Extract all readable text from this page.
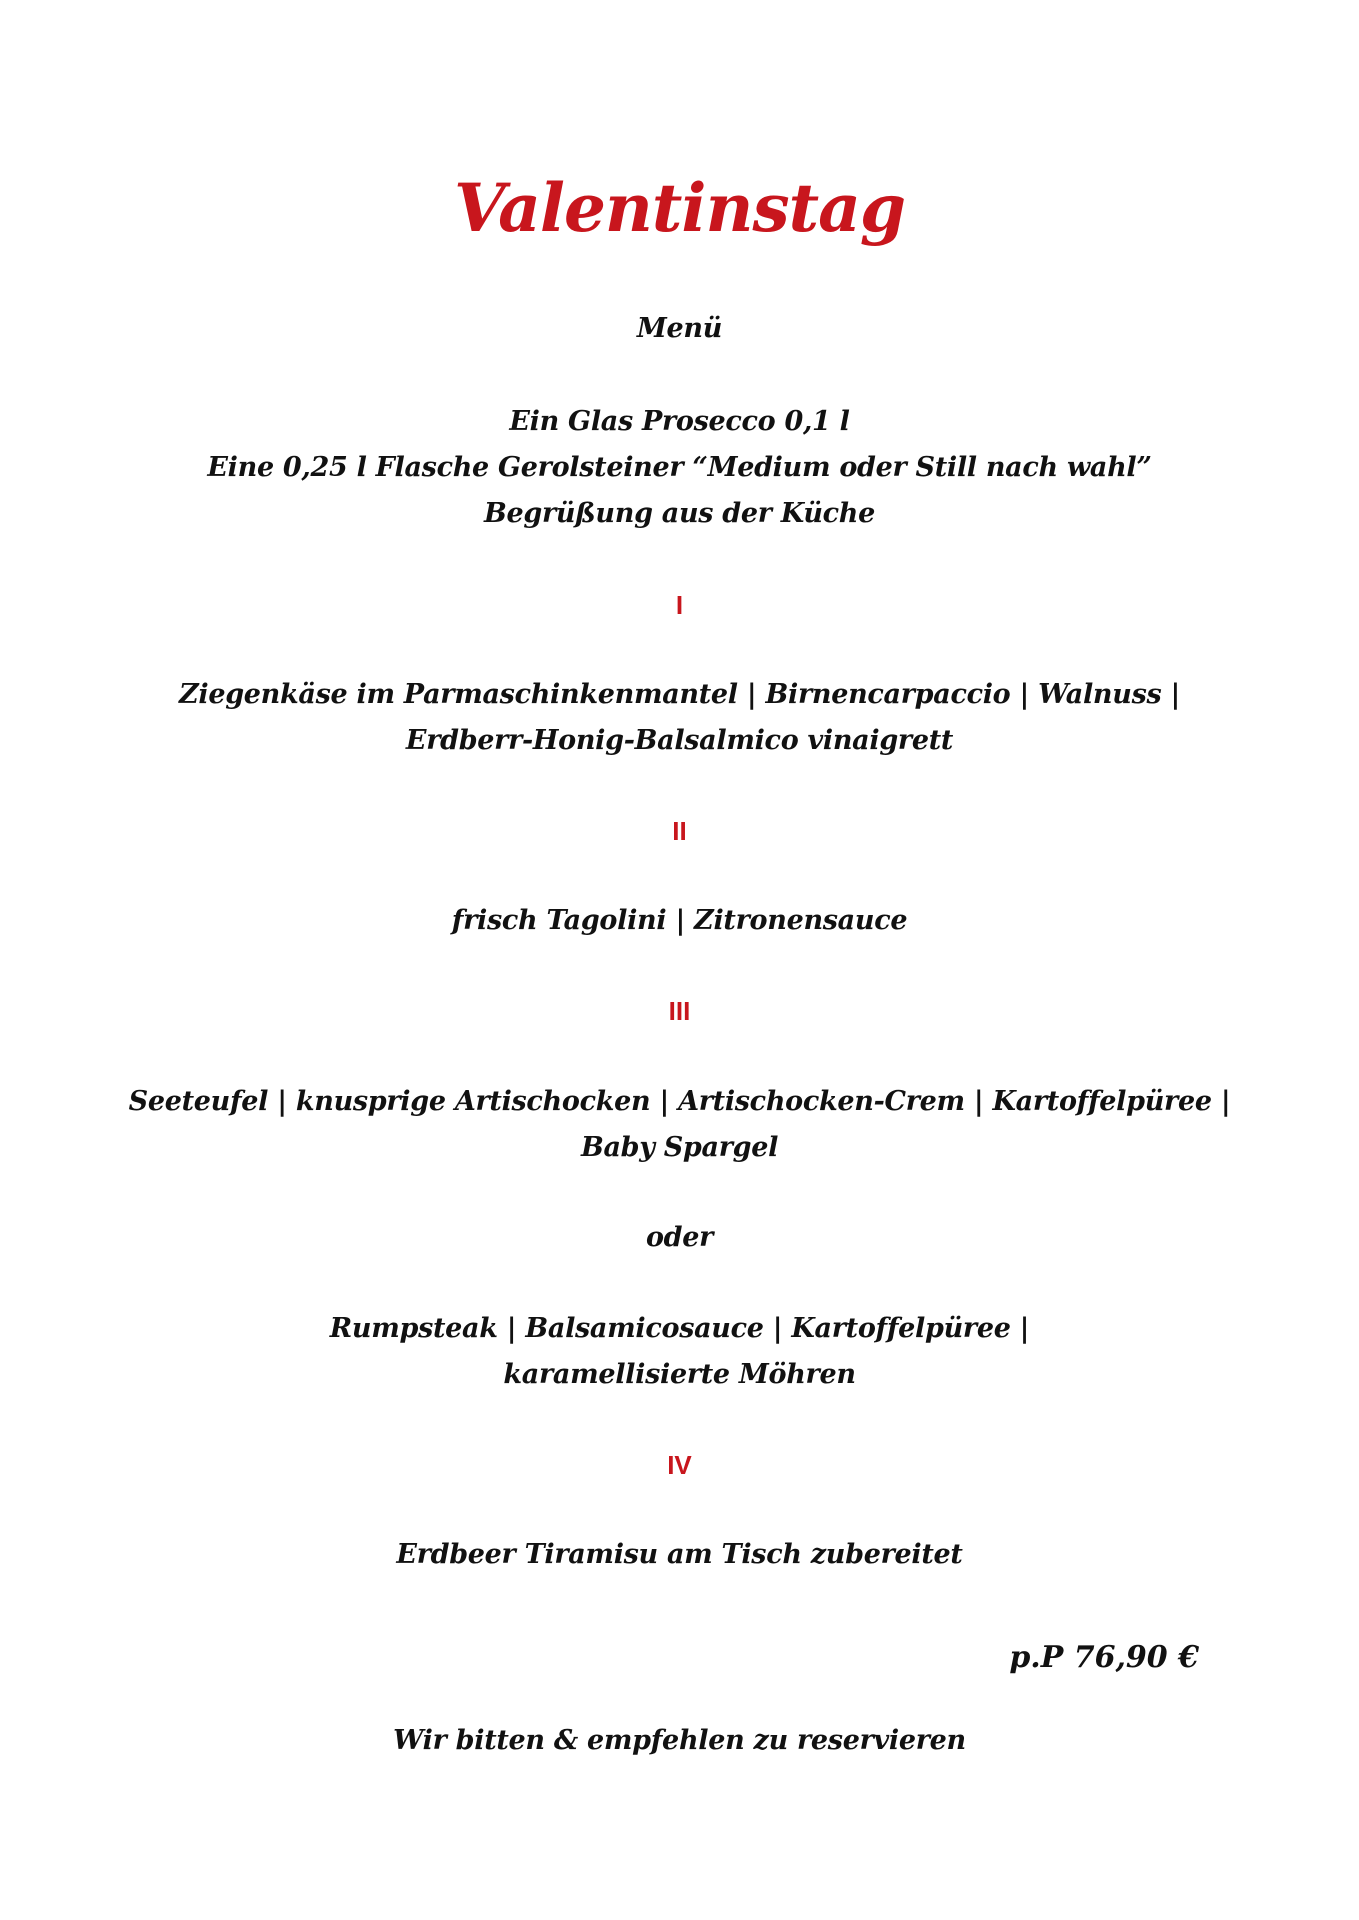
Valentinstag
Menü
Ein Glas Prosecco 0,1 l
Eine 0,25 l Flasche Gerolsteiner “Medium oder Still nach wahl”
Begrüßung aus der Küche
I
Ziegenkäse im Parmaschinkenmantel | Birnencarpaccio | Walnuss |
Erdberr-Honig-Balsalmico vinaigrett
II
frisch Tagolini | Zitronensauce
III
Seeteufel | knusprige Artischocken | Artischocken-Crem | Kartoffelpüree |
Baby Spargel
oder
Rumpsteak | Balsamicosauce | Kartoffelpüree |
karamellisierte Möhren
IV
Erdbeer Tiramisu am Tisch zubereitet
p.P 76,90 €
Wir bitten & empfehlen zu reservieren
